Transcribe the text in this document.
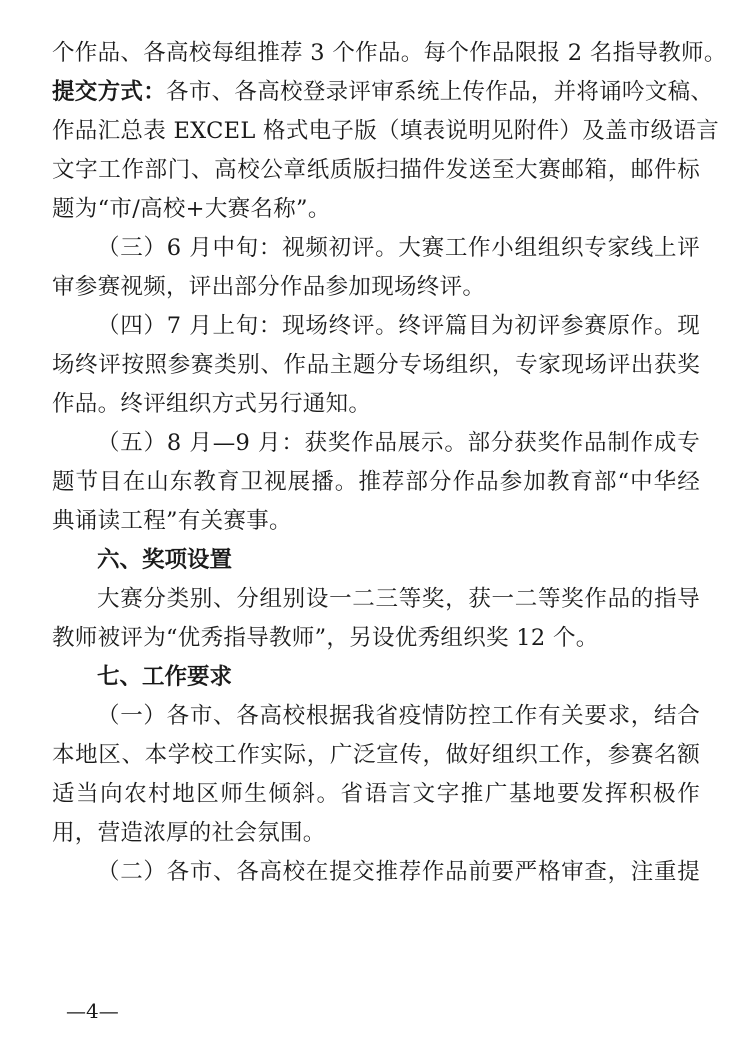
个作品、各高校每组推荐 3 个作品。每个作品限报 2 名指导教师。
提交方式：各市、各高校登录评审系统上传作品，并将诵吟文稿、
作品汇总表 EXCEL 格式电子版（填表说明见附件）及盖市级语言
文字工作部门、高校公章纸质版扫描件发送至大赛邮箱，邮件标
题为“市/高校+大赛名称”。
（三）6 月中旬：视频初评。大赛工作小组组织专家线上评
审参赛视频，评出部分作品参加现场终评。
（四）7 月上旬：现场终评。终评篇目为初评参赛原作。现
场终评按照参赛类别、作品主题分专场组织，专家现场评出获奖
作品。终评组织方式另行通知。
（五）8 月—9 月：获奖作品展示。部分获奖作品制作成专
题节目在山东教育卫视展播。推荐部分作品参加教育部“中华经
典诵读工程”有关赛事。
六、奖项设置
大赛分类别、分组别设一二三等奖，获一二等奖作品的指导
教师被评为“优秀指导教师”，另设优秀组织奖 12 个。
七、工作要求
（一）各市、各高校根据我省疫情防控工作有关要求，结合
本地区、本学校工作实际，广泛宣传，做好组织工作，参赛名额
适当向农村地区师生倾斜。省语言文字推广基地要发挥积极作
用，营造浓厚的社会氛围。
（二）各市、各高校在提交推荐作品前要严格审查，注重提
—4—
